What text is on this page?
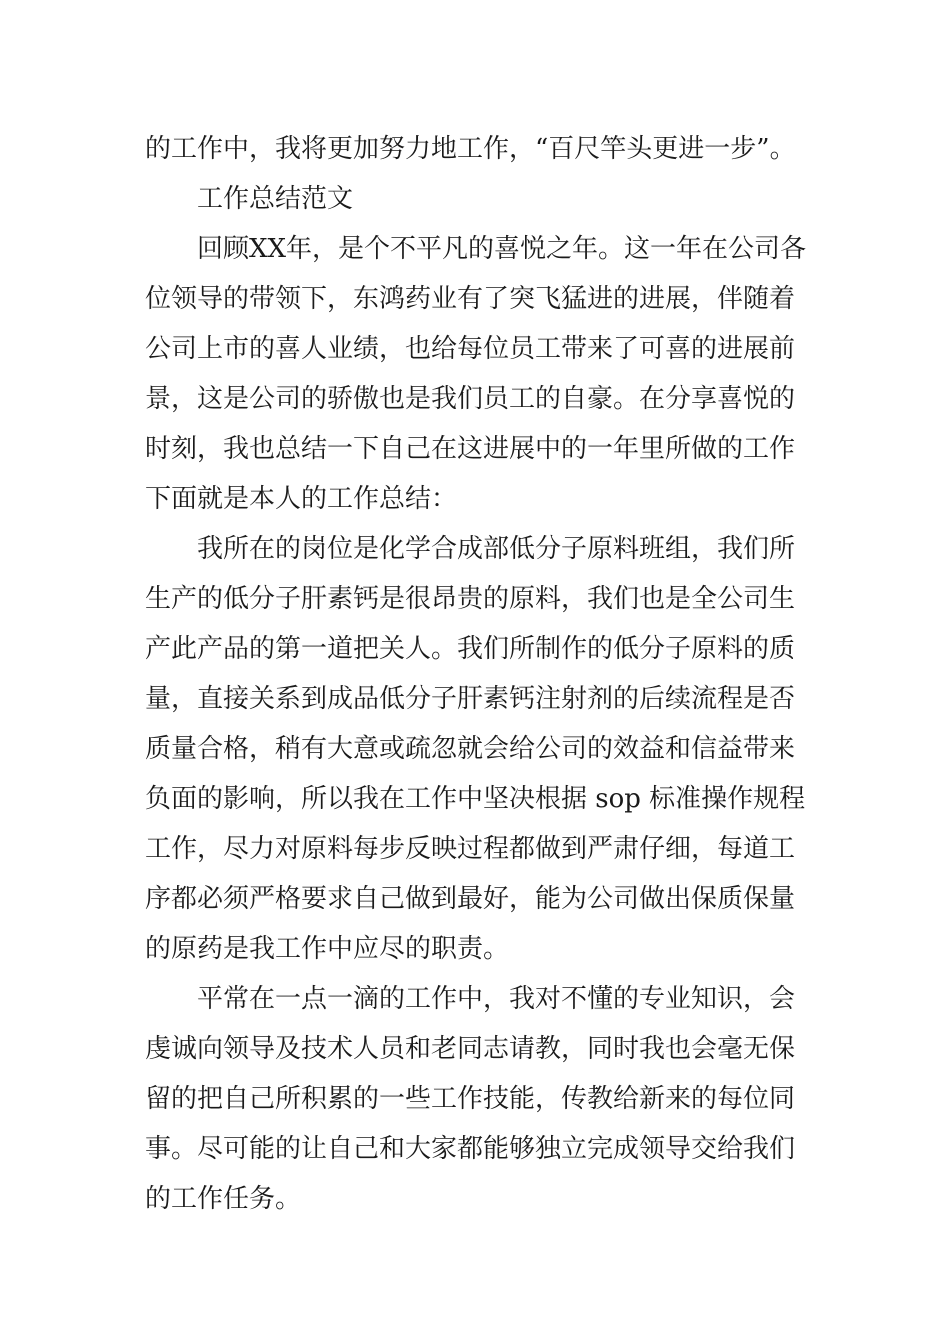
的工作中，我将更加努力地工作，“百尺竿头更进一步”。
工作总结范文
回顾XX年，是个不平凡的喜悦之年。这一年在公司各
位领导的带领下，东鸿药业有了突飞猛进的进展，伴随着
公司上市的喜人业绩，也给每位员工带来了可喜的进展前
景，这是公司的骄傲也是我们员工的自豪。在分享喜悦的
时刻，我也总结一下自己在这进展中的一年里所做的工作
下面就是本人的工作总结：
我所在的岗位是化学合成部低分子原料班组，我们所
生产的低分子肝素钙是很昂贵的原料，我们也是全公司生
产此产品的第一道把关人。我们所制作的低分子原料的质
量，直接关系到成品低分子肝素钙注射剂的后续流程是否
质量合格，稍有大意或疏忽就会给公司的效益和信益带来
负面的影响，所以我在工作中坚决根据 sop 标准操作规程
工作，尽力对原料每步反映过程都做到严肃仔细，每道工
序都必须严格要求自己做到最好，能为公司做出保质保量
的原药是我工作中应尽的职责。
平常在一点一滴的工作中，我对不懂的专业知识，会
虔诚向领导及技术人员和老同志请教，同时我也会毫无保
留的把自己所积累的一些工作技能，传教给新来的每位同
事。尽可能的让自己和大家都能够独立完成领导交给我们
的工作任务。
